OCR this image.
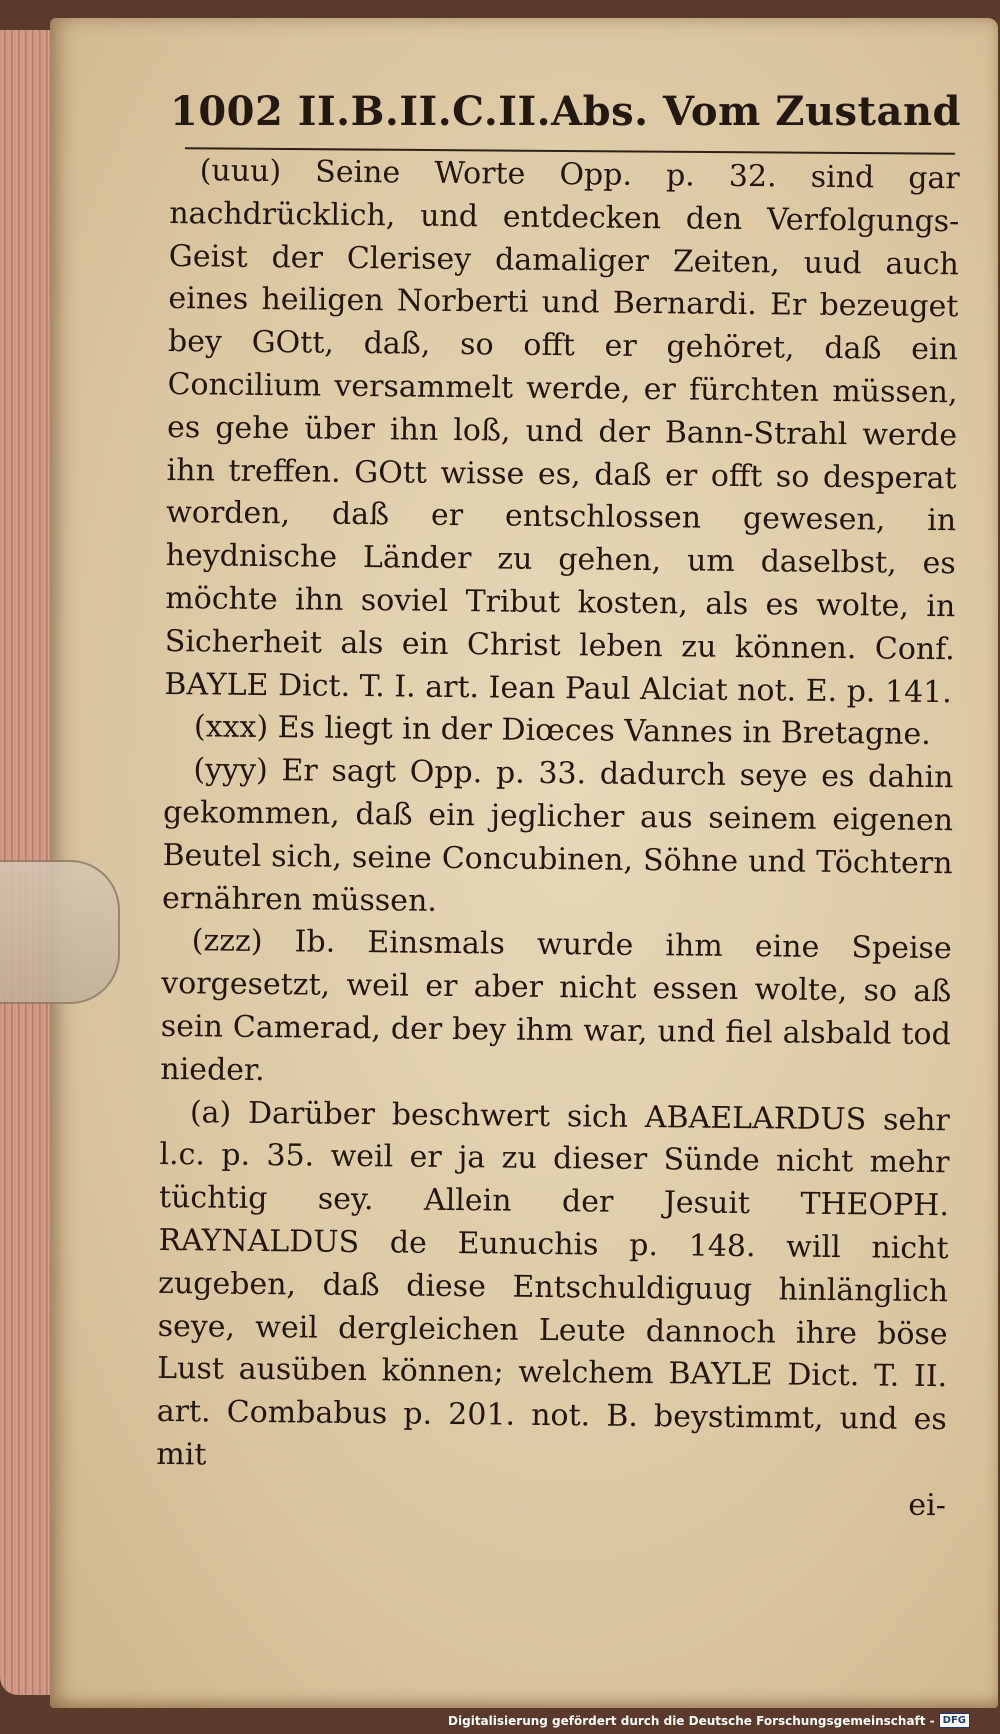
1002 II.B.II.C.II.Abs. Vom Zustand

(uuu) Seine Worte Opp. p. 32. sind gar nachdrücklich, und entdecken den Verfolgungs-Geist der Clerisey damaliger Zeiten, uud auch eines heiligen Norberti und Bernardi. Er bezeuget bey GOtt, daß, so offt er gehöret, daß ein Concilium versammelt werde, er fürchten müssen, es gehe über ihn loß, und der Bann-Strahl werde ihn treffen. GOtt wisse es, daß er offt so desperat worden, daß er entschlossen gewesen, in heydnische Länder zu gehen, um daselbst, es möchte ihn soviel Tribut kosten, als es wolte, in Sicherheit als ein Christ leben zu können. Conf. BAYLE Dict. T. I. art. Iean Paul Alciat not. E. p. 141.

(xxx) Es liegt in der Diœces Vannes in Bretagne.

(yyy) Er sagt Opp. p. 33. dadurch seye es dahin gekommen, daß ein jeglicher aus seinem eigenen Beutel sich, seine Concubinen, Söhne und Töchtern ernähren müssen.

(zzz) Ib. Einsmals wurde ihm eine Speise vorgesetzt, weil er aber nicht essen wolte, so aß sein Camerad, der bey ihm war, und fiel alsbald tod nieder.

(a) Darüber beschwert sich ABAELARDUS sehr l.c. p. 35. weil er ja zu dieser Sünde nicht mehr tüchtig sey. Allein der Jesuit THEOPH. RAYNALDUS de Eunuchis p. 148. will nicht zugeben, daß diese Entschuldiguug hinlänglich seye, weil dergleichen Leute dannoch ihre böse Lust ausüben können; welchem BAYLE Dict. T. II. art. Combabus p. 201. not. B. beystimmt, und es mit

ei-

Digitalisierung gefördert durch die Deutsche Forschungsgemeinschaft - DFG
